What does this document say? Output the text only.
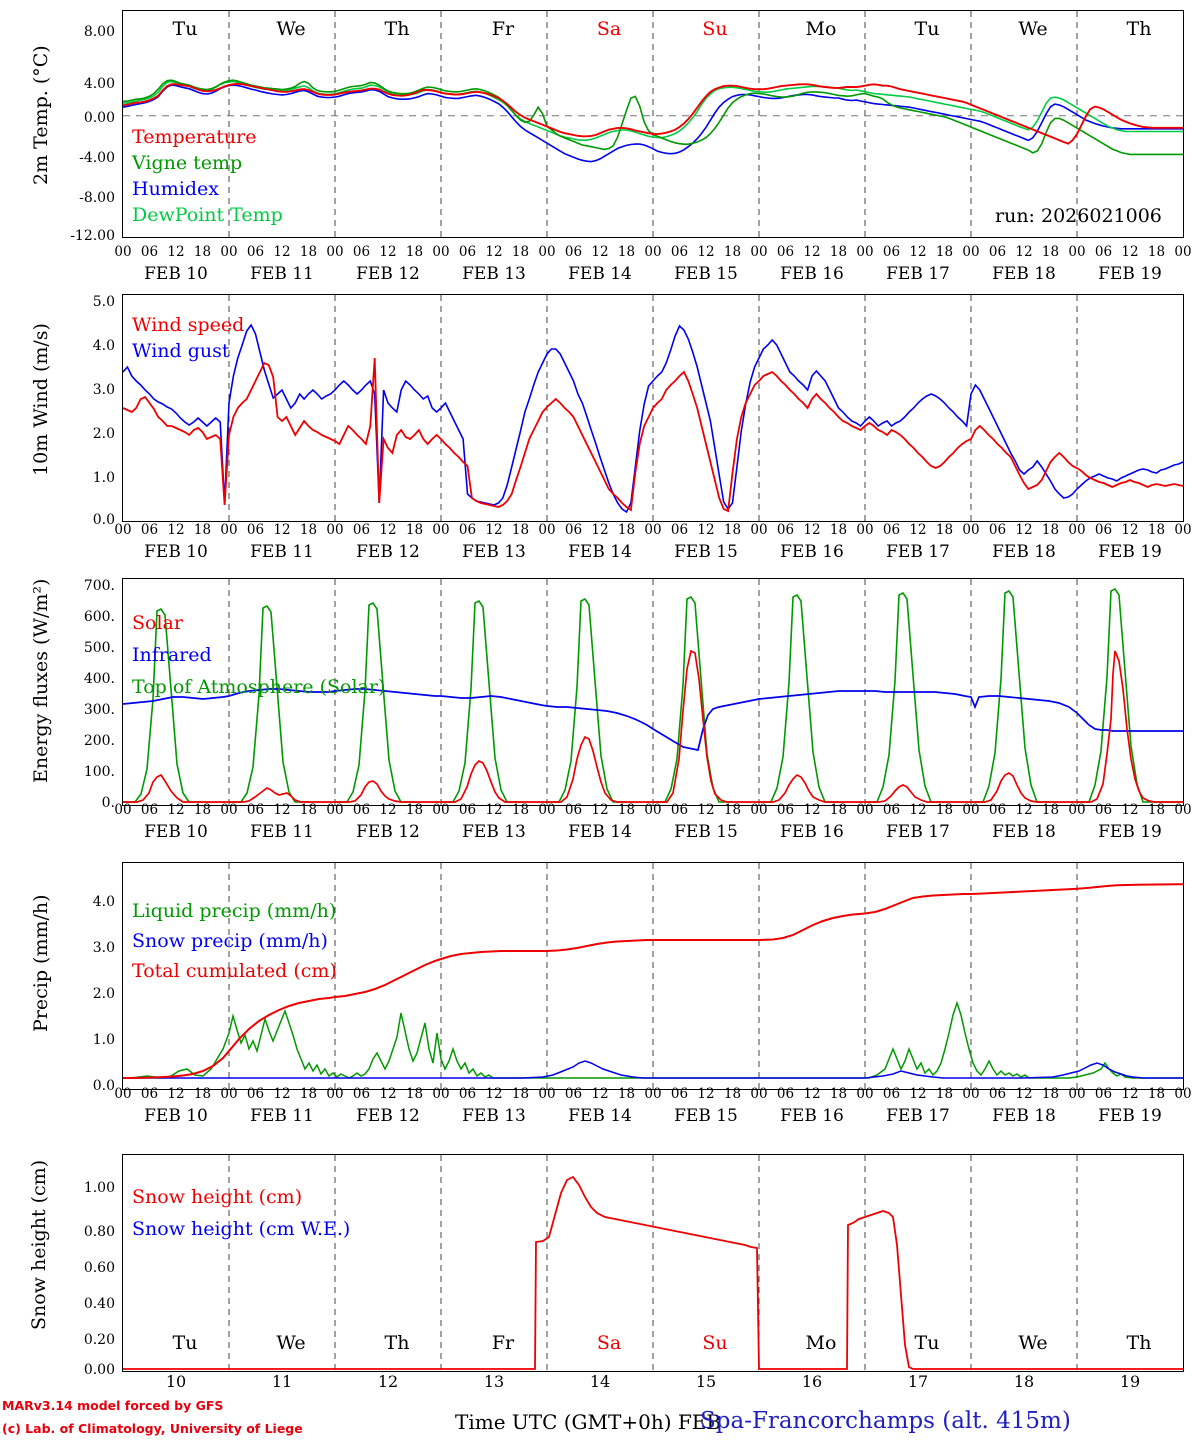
2m Temp. (°C)
8.00
4.00
0.00
-4.00
-8.00
-12.00
Tu	We	Th	Fr	Sa	Su	Mo	Tu	We	Th
Temperature
Vigne temp
Humidex
DewPoint Temp	run: 2026021006
00 06 12 18 00 06 12 18 00 06 12 18 00 06 12 18 00 06 12 18 00 06 12 18 00 06 12 18 00 06 12 18 00 06 12 18 00 06 12 18 00
FEB 10	FEB 11	FEB 12	FEB 13	FEB 14	FEB 15	FEB 16	FEB 17	FEB 18	FEB 19
10m Wind (m/s)
5.0
4.0
3.0
2.0
1.0
0.0
Wind speed
Wind gust
00 06 12 18 00 06 12 18 00 06 12 18 00 06 12 18 00 06 12 18 00 06 12 18 00 06 12 18 00 06 12 18 00 06 12 18 00 06 12 18 00
FEB 10	FEB 11	FEB 12	FEB 13	FEB 14	FEB 15	FEB 16	FEB 17	FEB 18	FEB 19
Energy fluxes (W/m²)	700.
600.
500.
400.
300.
200.
100.
0.
Solar
Infrared
Top of Atmosphere (Solar)
00 06 12 18 00 06 12 18 00 06 12 18 00 06 12 18 00 06 12 18 00 06 12 18 00 06 12 18 00 06 12 18 00 06 12 18 00 06 12 18 00
FEB 10	FEB 11	FEB 12	FEB 13	FEB 14	FEB 15	FEB 16	FEB 17	FEB 18	FEB 19
Precip (mm/h)	4.0
3.0
2.0
1.0
0.0
Liquid precip (mm/h)
Snow precip (mm/h)
Total cumulated (cm)
00 06 12 18 00 06 12 18 00 06 12 18 00 06 12 18 00 06 12 18 00 06 12 18 00 06 12 18 00 06 12 18 00 06 12 18 00 06 12 18 00
FEB 10	FEB 11	FEB 12	FEB 13	FEB 14	FEB 15	FEB 16	FEB 17	FEB 18	FEB 19
Snow height (cm)	1.00
0.80
0.60
0.40
0.20
0.00
Snow height (cm)
Snow height (cm W.E.)
Tu	We	Th	Fr	Sa	Su	Mo	Tu	We	Th
10	11	12	13	14	15	16	17	18	19
MARv3.14 model forced by GFS
(c) Lab. of Climatology, University of Liege	Time UTC (GMT+0h) FEB
Spa-Francorchamps (alt. 415m)
